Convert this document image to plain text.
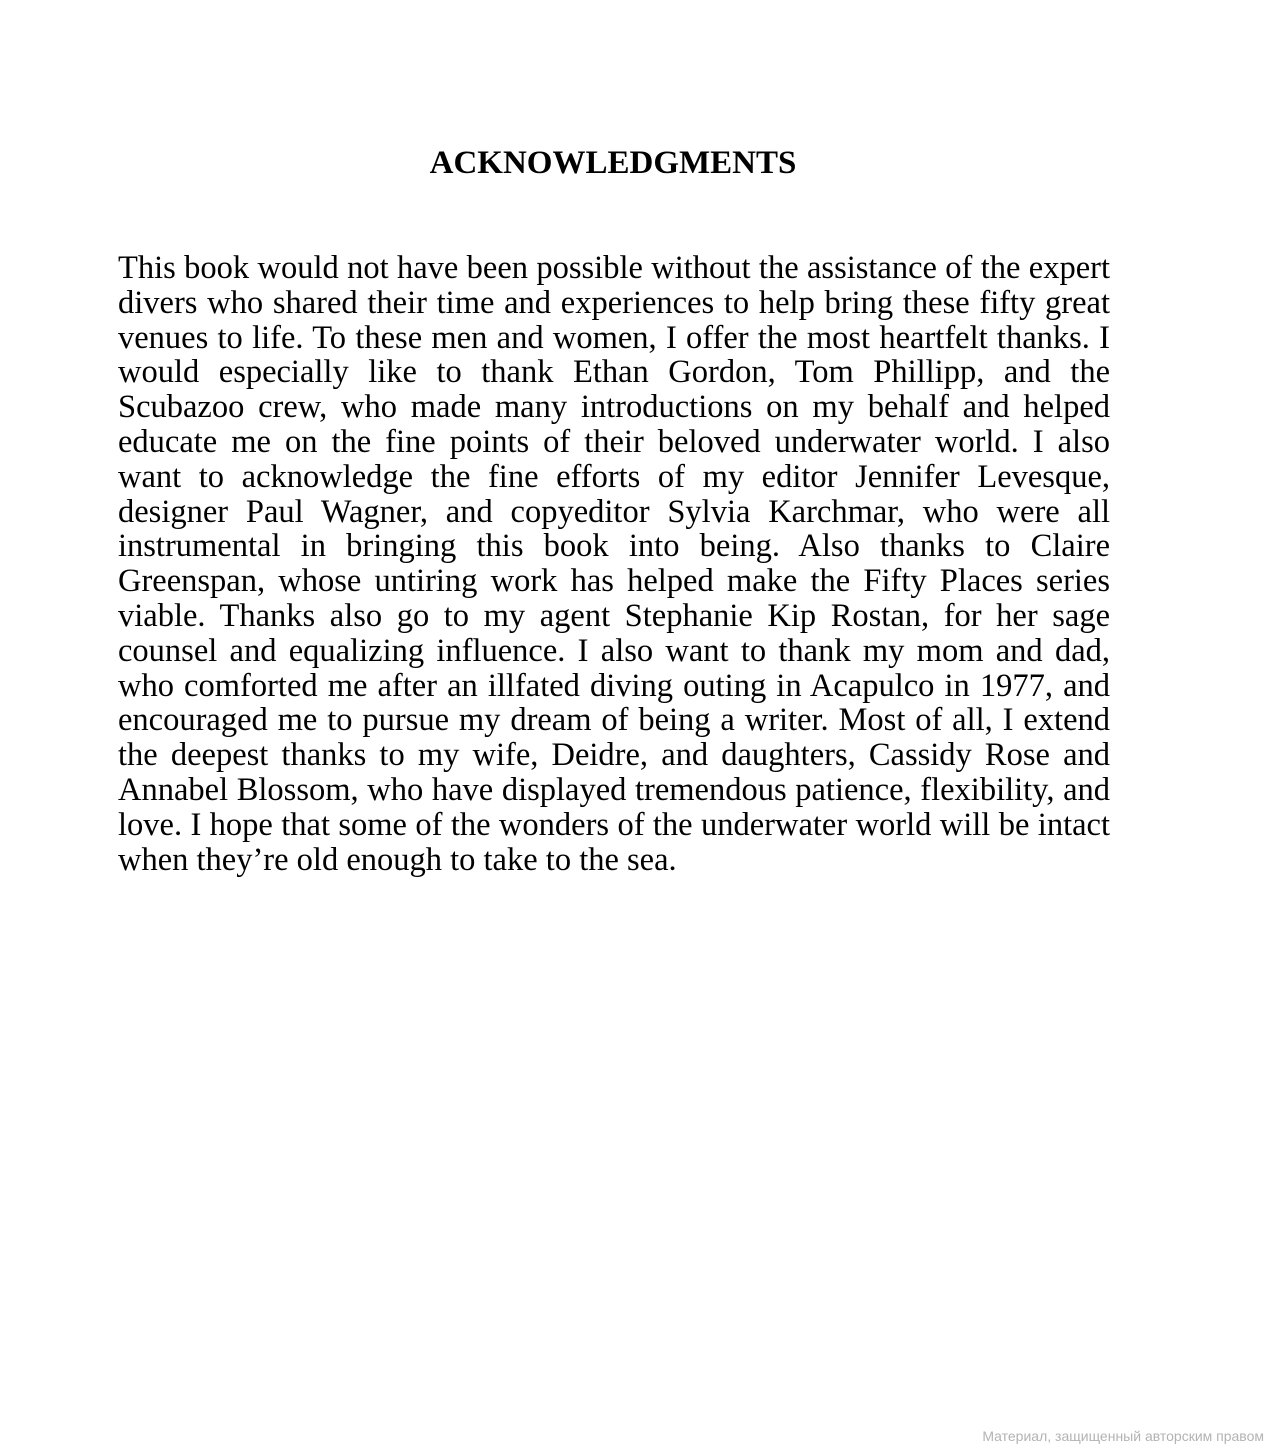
ACKNOWLEDGMENTS

This book would not have been possible without the assistance of the expert divers who shared their time and experiences to help bring these fifty great venues to life. To these men and women, I offer the most heartfelt thanks. I would especially like to thank Ethan Gordon, Tom Phillipp, and the Scubazoo crew, who made many introductions on my behalf and helped educate me on the fine points of their beloved underwater world. I also want to acknowledge the fine efforts of my editor Jennifer Levesque, designer Paul Wagner, and copyeditor Sylvia Karchmar, who were all instrumental in bringing this book into being. Also thanks to Claire Greenspan, whose untiring work has helped make the Fifty Places series viable. Thanks also go to my agent Stephanie Kip Rostan, for her sage counsel and equalizing influence. I also want to thank my mom and dad, who comforted me after an illfated diving outing in Acapulco in 1977, and encouraged me to pursue my dream of being a writer. Most of all, I extend the deepest thanks to my wife, Deidre, and daughters, Cassidy Rose and Annabel Blossom, who have displayed tremendous patience, flexibility, and love. I hope that some of the wonders of the underwater world will be intact when they’re old enough to take to the sea.

Материал, защищенный авторским правом
